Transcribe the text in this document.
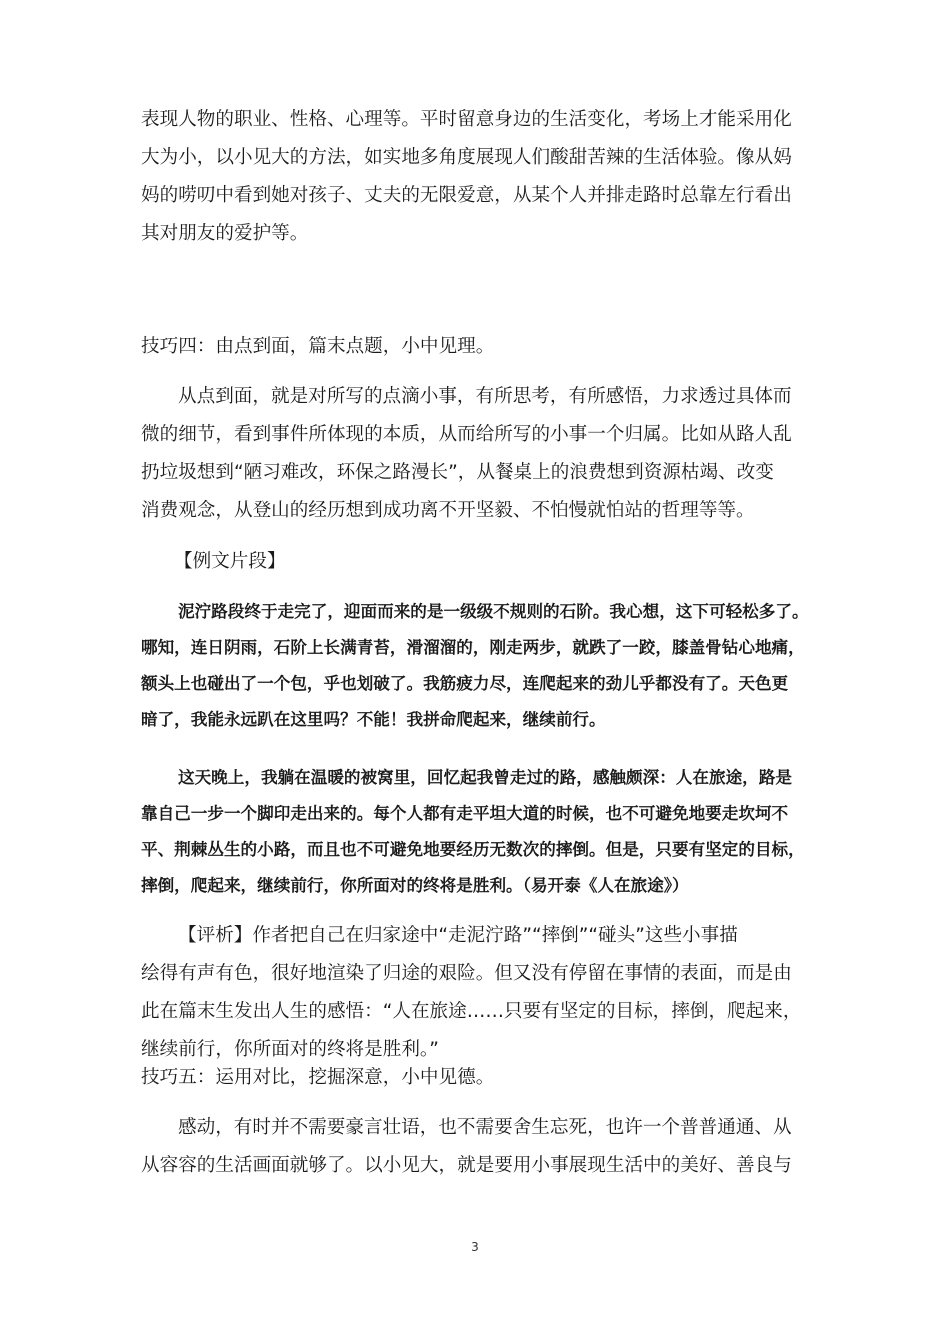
表现人物的职业、性格、心理等。平时留意身边的生活变化，考场上才能采用化
大为小，以小见大的方法，如实地多角度展现人们酸甜苦辣的生活体验。像从妈
妈的唠叨中看到她对孩子、丈夫的无限爱意，从某个人并排走路时总靠左行看出
其对朋友的爱护等。
技巧四：由点到面，篇末点题，小中见理。
从点到面，就是对所写的点滴小事，有所思考，有所感悟，力求透过具体而
微的细节，看到事件所体现的本质，从而给所写的小事一个归属。比如从路人乱
扔垃圾想到“陋习难改，环保之路漫长”，从餐桌上的浪费想到资源枯竭、改变
消费观念，从登山的经历想到成功离不开坚毅、不怕慢就怕站的哲理等等。
【例文片段】
泥泞路段终于走完了，迎面而来的是一级级不规则的石阶。我心想，这下可轻松多了。
哪知，连日阴雨，石阶上长满青苔，滑溜溜的，刚走两步，就跌了一跤，膝盖骨钻心地痛，
额头上也碰出了一个包，乎也划破了。我筋疲力尽，连爬起来的劲儿乎都没有了。天色更
暗了，我能永远趴在这里吗？不能！我拼命爬起来，继续前行。
这天晚上，我躺在温暖的被窝里，回忆起我曾走过的路，感触颇深：人在旅途，路是
靠自己一步一个脚印走出来的。每个人都有走平坦大道的时候，也不可避免地要走坎坷不
平、荆棘丛生的小路，而且也不可避免地要经历无数次的摔倒。但是，只要有坚定的目标，
摔倒，爬起来，继续前行，你所面对的终将是胜利。（易开泰《人在旅途》）
【评析】作者把自己在归家途中“走泥泞路”“摔倒”“碰头”这些小事描
绘得有声有色，很好地渲染了归途的艰险。但又没有停留在事情的表面，而是由
此在篇末生发出人生的感悟：“人在旅途……只要有坚定的目标，摔倒，爬起来，
继续前行，你所面对的终将是胜利。”
技巧五：运用对比，挖掘深意，小中见德。
感动，有时并不需要豪言壮语，也不需要舍生忘死，也许一个普普通通、从
从容容的生活画面就够了。以小见大，就是要用小事展现生活中的美好、善良与
3
